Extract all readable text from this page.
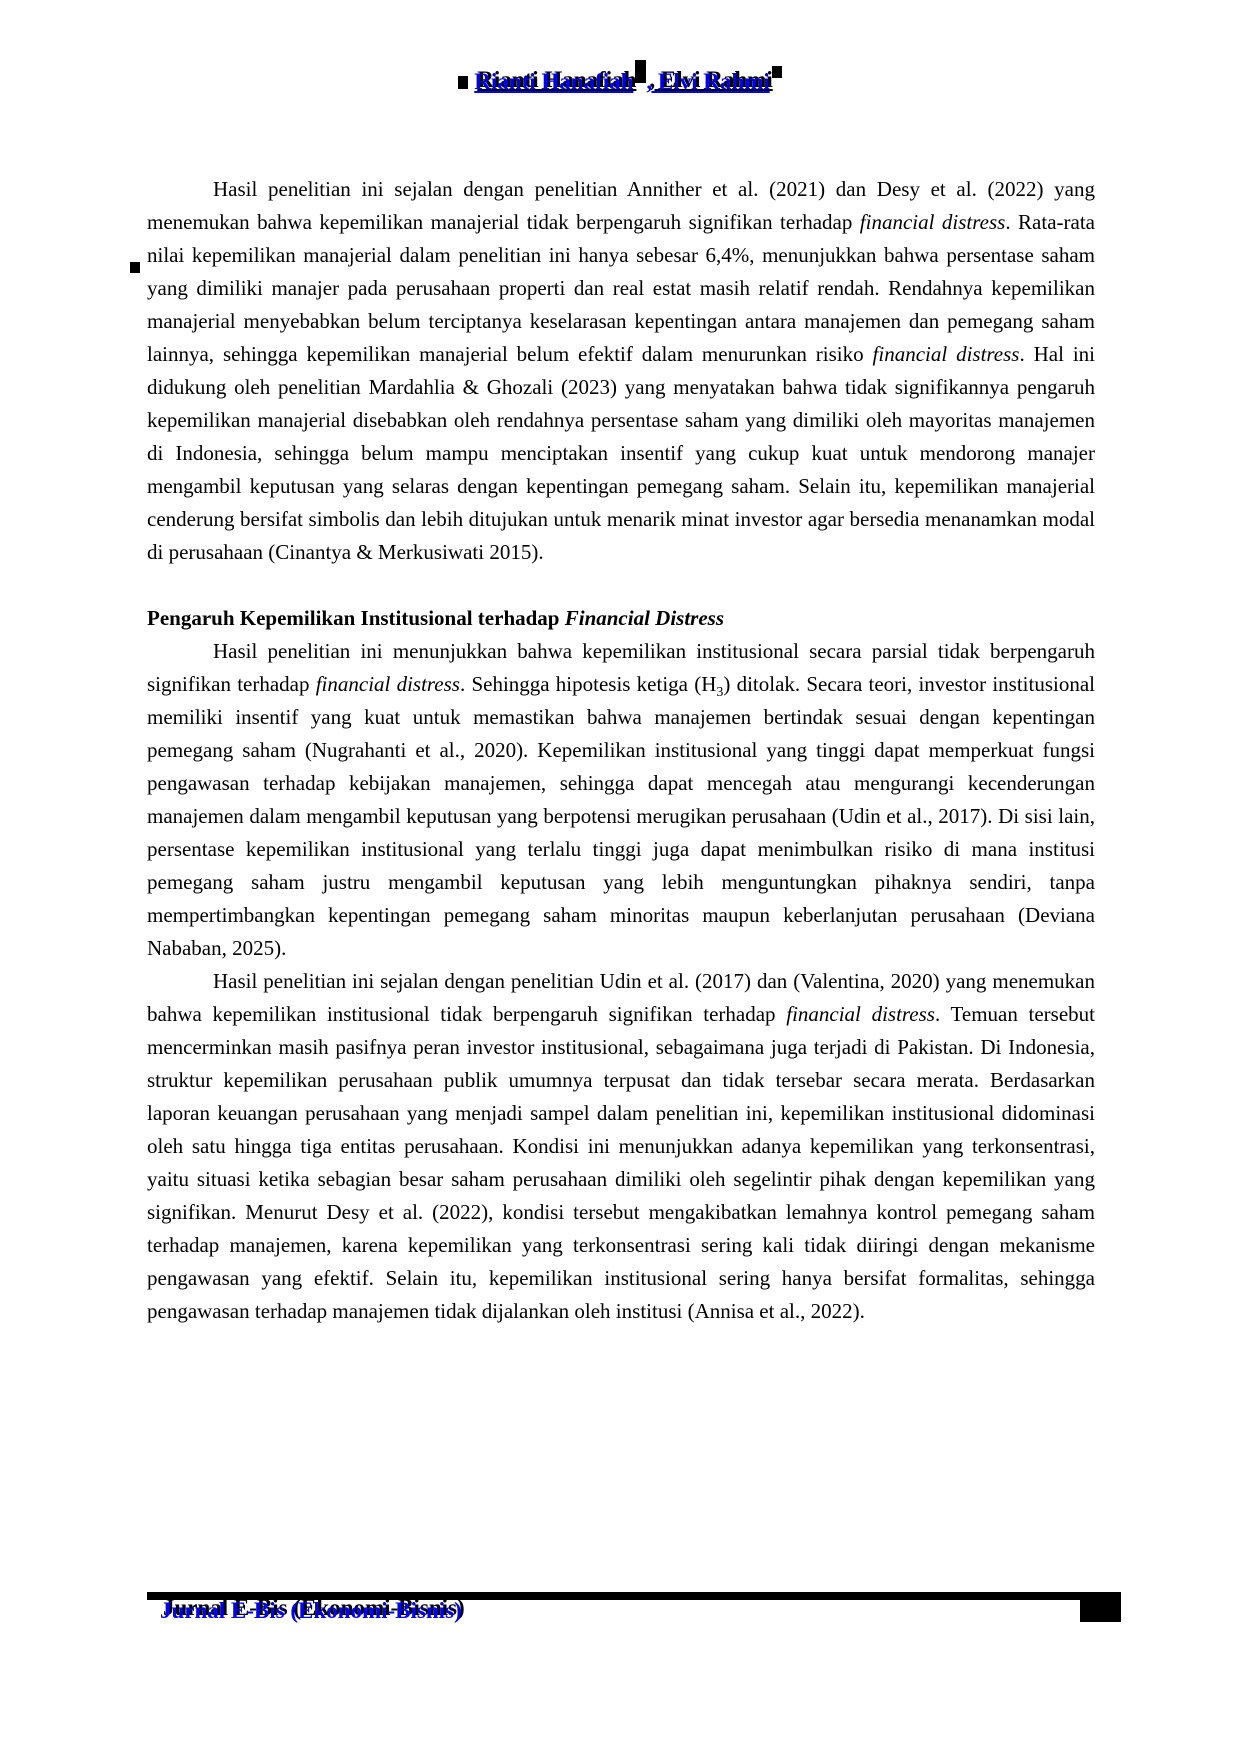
Rianti Hanafiah , Elvi Rahmi

Hasil penelitian ini sejalan dengan penelitian Annither et al. (2021) dan Desy et al. (2022) yang menemukan bahwa kepemilikan manajerial tidak berpengaruh signifikan terhadap financial distress. Rata-rata nilai kepemilikan manajerial dalam penelitian ini hanya sebesar 6,4%, menunjukkan bahwa persentase saham yang dimiliki manajer pada perusahaan properti dan real estat masih relatif rendah. Rendahnya kepemilikan manajerial menyebabkan belum terciptanya keselarasan kepentingan antara manajemen dan pemegang saham lainnya, sehingga kepemilikan manajerial belum efektif dalam menurunkan risiko financial distress. Hal ini didukung oleh penelitian Mardahlia & Ghozali (2023) yang menyatakan bahwa tidak signifikannya pengaruh kepemilikan manajerial disebabkan oleh rendahnya persentase saham yang dimiliki oleh mayoritas manajemen di Indonesia, sehingga belum mampu menciptakan insentif yang cukup kuat untuk mendorong manajer mengambil keputusan yang selaras dengan kepentingan pemegang saham. Selain itu, kepemilikan manajerial cenderung bersifat simbolis dan lebih ditujukan untuk menarik minat investor agar bersedia menanamkan modal di perusahaan (Cinantya & Merkusiwati 2015).

Pengaruh Kepemilikan Institusional terhadap Financial Distress

Hasil penelitian ini menunjukkan bahwa kepemilikan institusional secara parsial tidak berpengaruh signifikan terhadap financial distress. Sehingga hipotesis ketiga $(H_3)$ ditolak. Secara teori, investor institusional memiliki insentif yang kuat untuk memastikan bahwa manajemen bertindak sesuai dengan kepentingan pemegang saham (Nugrahanti et al., 2020). Kepemilikan institusional yang tinggi dapat memperkuat fungsi pengawasan terhadap kebijakan manajemen, sehingga dapat mencegah atau mengurangi kecenderungan manajemen dalam mengambil keputusan yang berpotensi merugikan perusahaan (Udin et al., 2017). Di sisi lain, persentase kepemilikan institusional yang terlalu tinggi juga dapat menimbulkan risiko di mana institusi pemegang saham justru mengambil keputusan yang lebih menguntungkan pihaknya sendiri, tanpa mempertimbangkan kepentingan pemegang saham minoritas maupun keberlanjutan perusahaan (Deviana Nababan, 2025).

Hasil penelitian ini sejalan dengan penelitian Udin et al. (2017) dan (Valentina, 2020) yang menemukan bahwa kepemilikan institusional tidak berpengaruh signifikan terhadap financial distress. Temuan tersebut mencerminkan masih pasifnya peran investor institusional, sebagaimana juga terjadi di Pakistan. Di Indonesia, struktur kepemilikan perusahaan publik umumnya terpusat dan tidak tersebar secara merata. Berdasarkan laporan keuangan perusahaan yang menjadi sampel dalam penelitian ini, kepemilikan institusional didominasi oleh satu hingga tiga entitas perusahaan. Kondisi ini menunjukkan adanya kepemilikan yang terkonsentrasi, yaitu situasi ketika sebagian besar saham perusahaan dimiliki oleh segelintir pihak dengan kepemilikan yang signifikan. Menurut Desy et al. (2022), kondisi tersebut mengakibatkan lemahnya kontrol pemegang saham terhadap manajemen, karena kepemilikan yang terkonsentrasi sering kali tidak diiringi dengan mekanisme pengawasan yang efektif. Selain itu, kepemilikan institusional sering hanya bersifat formalitas, sehingga pengawasan terhadap manajemen tidak dijalankan oleh institusi (Annisa et al., 2022).

Jurnal E-Bis (Ekonomi-Bisnis)
